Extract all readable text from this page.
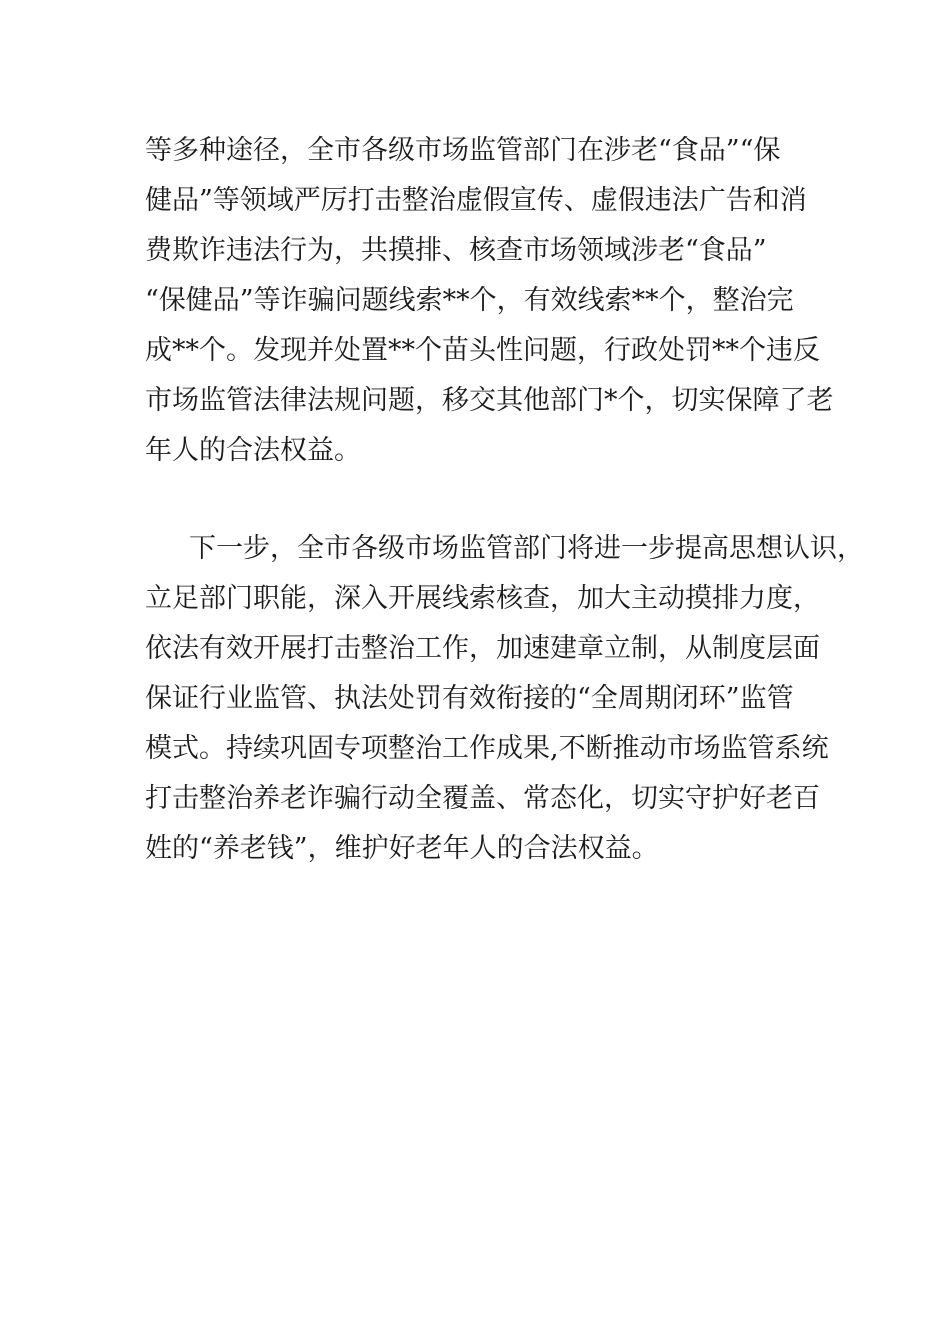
等多种途径，全市各级市场监管部门在涉老“食品”“保
健品”等领域严厉打击整治虚假宣传、虚假违法广告和消
费欺诈违法行为，共摸排、核查市场领域涉老“食品”
“保健品”等诈骗问题线索**个，有效线索**个，整治完
成**个。发现并处置**个苗头性问题，行政处罚**个违反
市场监管法律法规问题，移交其他部门*个，切实保障了老
年人的合法权益。
下一步，全市各级市场监管部门将进一步提高思想认识，
立足部门职能，深入开展线索核查，加大主动摸排力度，
依法有效开展打击整治工作，加速建章立制，从制度层面
保证行业监管、执法处罚有效衔接的“全周期闭环”监管
模式。持续巩固专项整治工作成果,不断推动市场监管系统
打击整治养老诈骗行动全覆盖、常态化，切实守护好老百
姓的“养老钱”，维护好老年人的合法权益。
